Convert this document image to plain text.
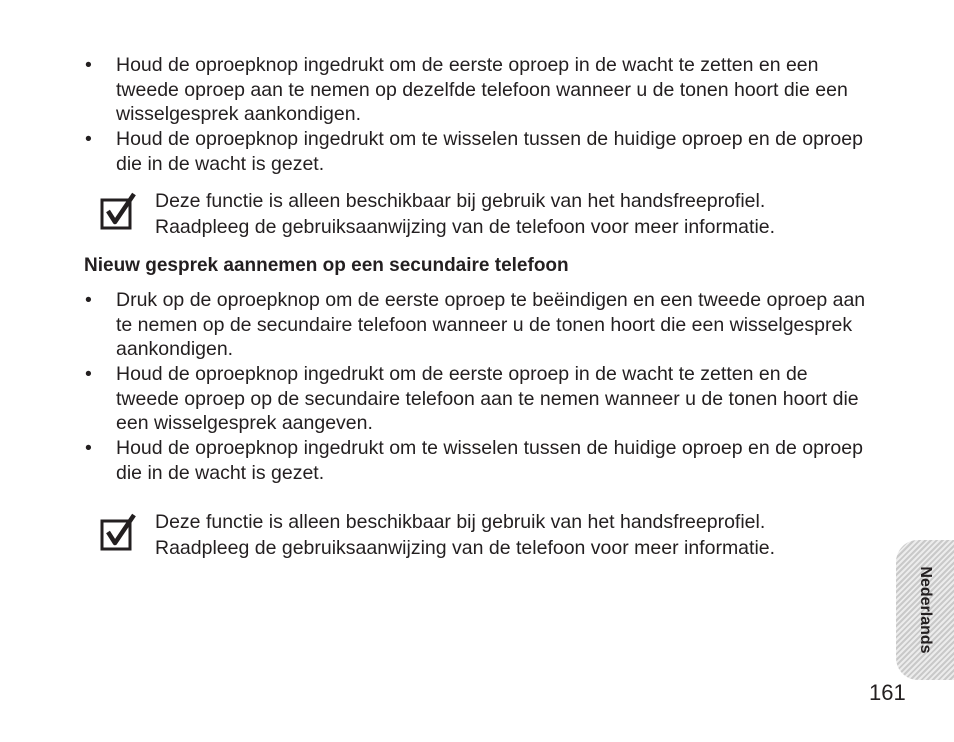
• Houd de oproepknop ingedrukt om de eerste oproep in de wacht te zetten en een tweede oproep aan te nemen op dezelfde telefoon wanneer u de tonen hoort die een wisselgesprek aankondigen.
• Houd de oproepknop ingedrukt om te wisselen tussen de huidige oproep en de oproep die in de wacht is gezet.

Deze functie is alleen beschikbaar bij gebruik van het handsfreeprofiel.
Raadpleeg de gebruiksaanwijzing van de telefoon voor meer informatie.

Nieuw gesprek aannemen op een secundaire telefoon
• Druk op de oproepknop om de eerste oproep te beëindigen en een tweede oproep aan te nemen op de secundaire telefoon wanneer u de tonen hoort die een wisselgesprek aankondigen.
• Houd de oproepknop ingedrukt om de eerste oproep in de wacht te zetten en de tweede oproep op de secundaire telefoon aan te nemen wanneer u de tonen hoort die een wisselgesprek aangeven.
• Houd de oproepknop ingedrukt om te wisselen tussen de huidige oproep en de oproep die in de wacht is gezet.

Deze functie is alleen beschikbaar bij gebruik van het handsfreeprofiel.
Raadpleeg de gebruiksaanwijzing van de telefoon voor meer informatie.

Nederlands
161
